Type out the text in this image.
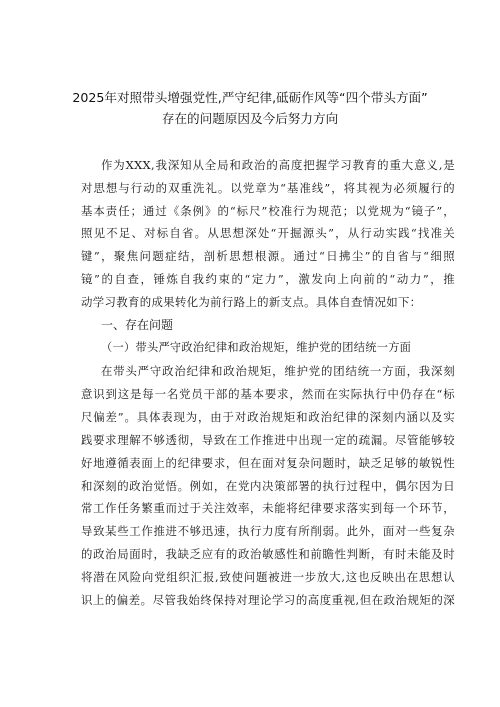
2025年对照带头增强党性,严守纪律,砥砺作风等“四个带头方面”
存在的问题原因及今后努力方向
作为XXX,我深知从全局和政治的高度把握学习教育的重大意义,是
对思想与行动的双重洗礼。以党章为“基准线”，将其视为必须履行的
基本责任；通过《条例》的“标尺”校准行为规范；以党规为“镜子”，
照见不足、对标自省。从思想深处“开掘源头”，从行动实践“找准关
键”，聚焦问题症结，剖析思想根源。通过“日拂尘”的自省与“细照
镜”的自查，锤炼自我约束的“定力”，激发向上向前的“动力”，推
动学习教育的成果转化为前行路上的新支点。具体自查情况如下：
一、存在问题
（一）带头严守政治纪律和政治规矩，维护党的团结统一方面
在带头严守政治纪律和政治规矩，维护党的团结统一方面，我深刻
意识到这是每一名党员干部的基本要求，然而在实际执行中仍存在“标
尺偏差”。具体表现为，由于对政治规矩和政治纪律的深刻内涵以及实
践要求理解不够透彻，导致在工作推进中出现一定的疏漏。尽管能够较
好地遵循表面上的纪律要求，但在面对复杂问题时，缺乏足够的敏锐性
和深刻的政治觉悟。例如，在党内决策部署的执行过程中，偶尔因为日
常工作任务繁重而过于关注效率，未能将纪律要求落实到每一个环节，
导致某些工作推进不够迅速，执行力度有所削弱。此外，面对一些复杂
的政治局面时，我缺乏应有的政治敏感性和前瞻性判断，有时未能及时
将潜在风险向党组织汇报,致使问题被进一步放大,这也反映出在思想认
识上的偏差。尽管我始终保持对理论学习的高度重视,但在政治规矩的深
